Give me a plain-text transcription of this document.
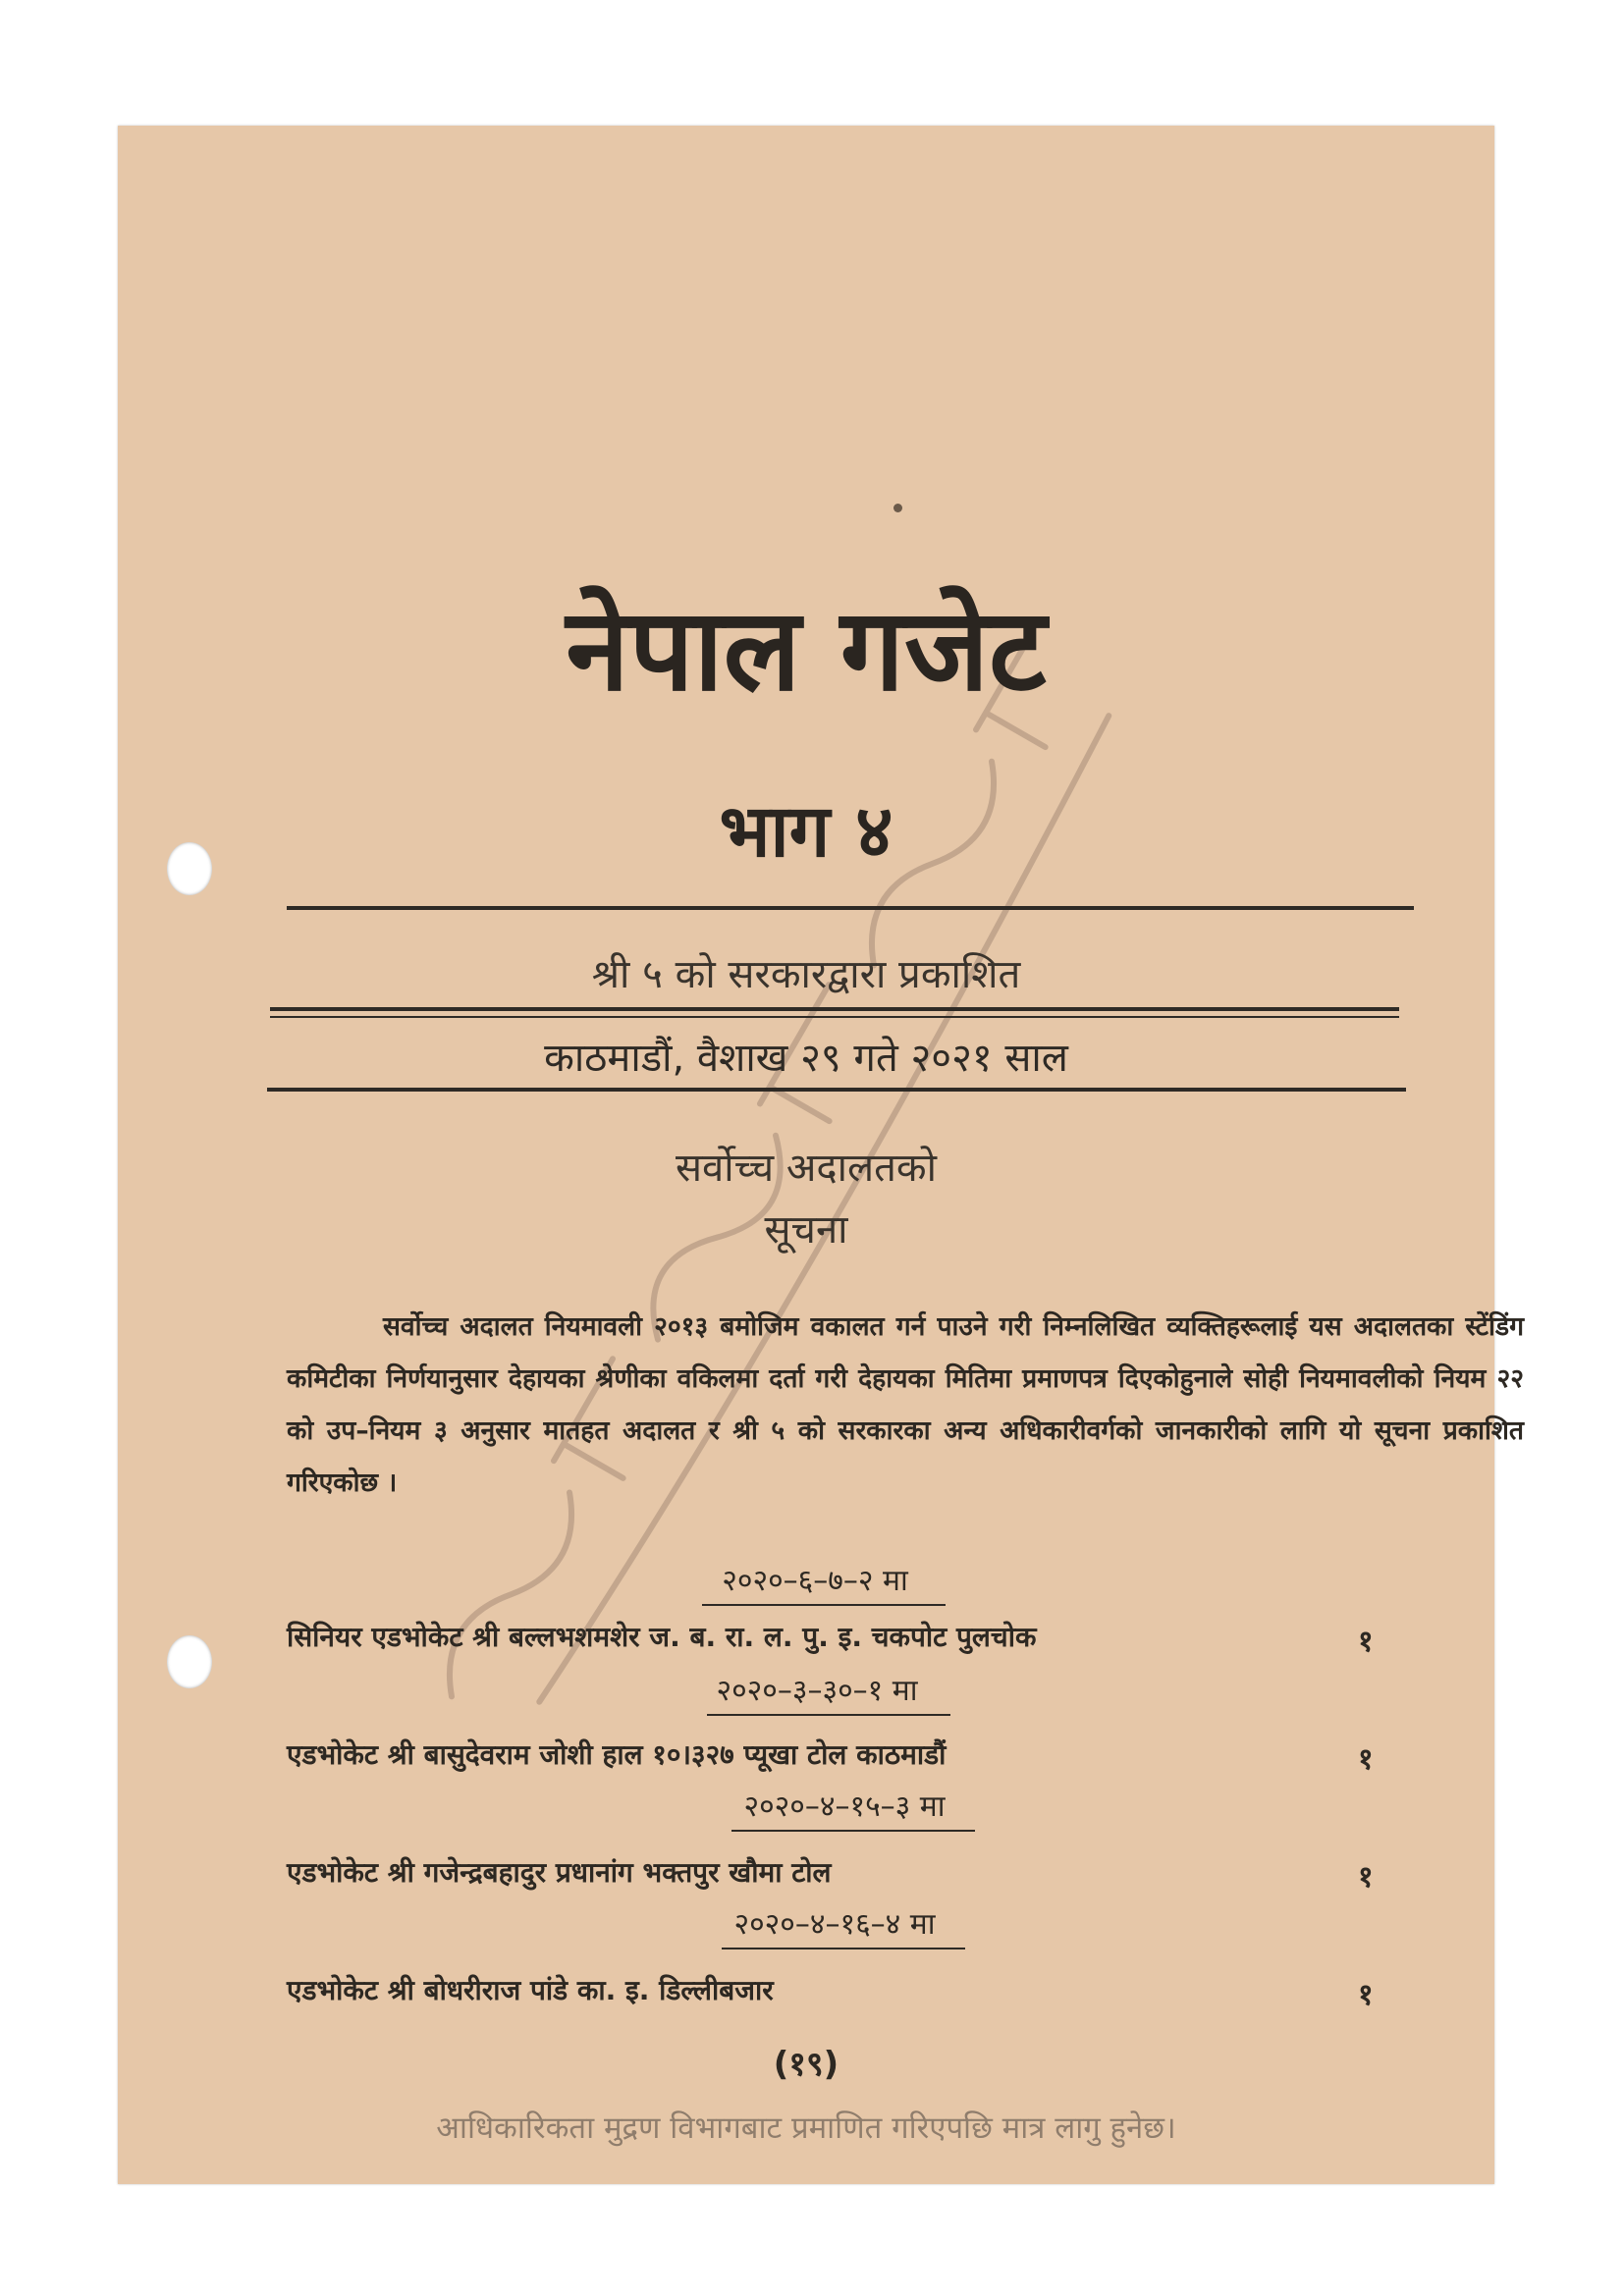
नेपाल गजेट
भाग ४
श्री ५ को सरकारद्वारा प्रकाशित
काठमाडौं, वैशाख २९ गते २०२१ साल
सर्वोच्च अदालतको
सूचना

सर्वोच्च अदालत नियमावली २०१३ बमोजिम वकालत गर्न पाउने गरी निम्नलिखित व्यक्तिहरूलाई यस अदालतका स्टेंडिंग कमिटीका निर्णयानुसार देहायका श्रेणीका वकिलमा दर्ता गरी देहायका मितिमा प्रमाणपत्र दिएकोहुनाले सोही नियमावलीको नियम २२ को उप–नियम ३ अनुसार मातहत अदालत र श्री ५ को सरकारका अन्य अधिकारीवर्गको जानकारीको लागि यो सूचना प्रकाशित गरिएकोछ ।

२०२०–६–७–२ मा
सिनियर एडभोकेट श्री बल्लभशमशेर ज. ब. रा. ल. पु. इ. चकपोट पुलचोक	१
२०२०–३–३०–१ मा
एडभोकेट श्री बासुदेवराम जोशी हाल १०।३२७ प्यूखा टोल काठमाडौं	१
२०२०–४–१५–३ मा
एडभोकेट श्री गजेन्द्रबहादुर प्रधानांग भक्तपुर खौमा टोल	१
२०२०–४–१६–४ मा
एडभोकेट श्री बोधरीराज पांडे का. इ. डिल्लीबजार	१
(१९)
आधिकारिकता मुद्रण विभागबाट प्रमाणित गरिएपछि मात्र लागु हुनेछ।
